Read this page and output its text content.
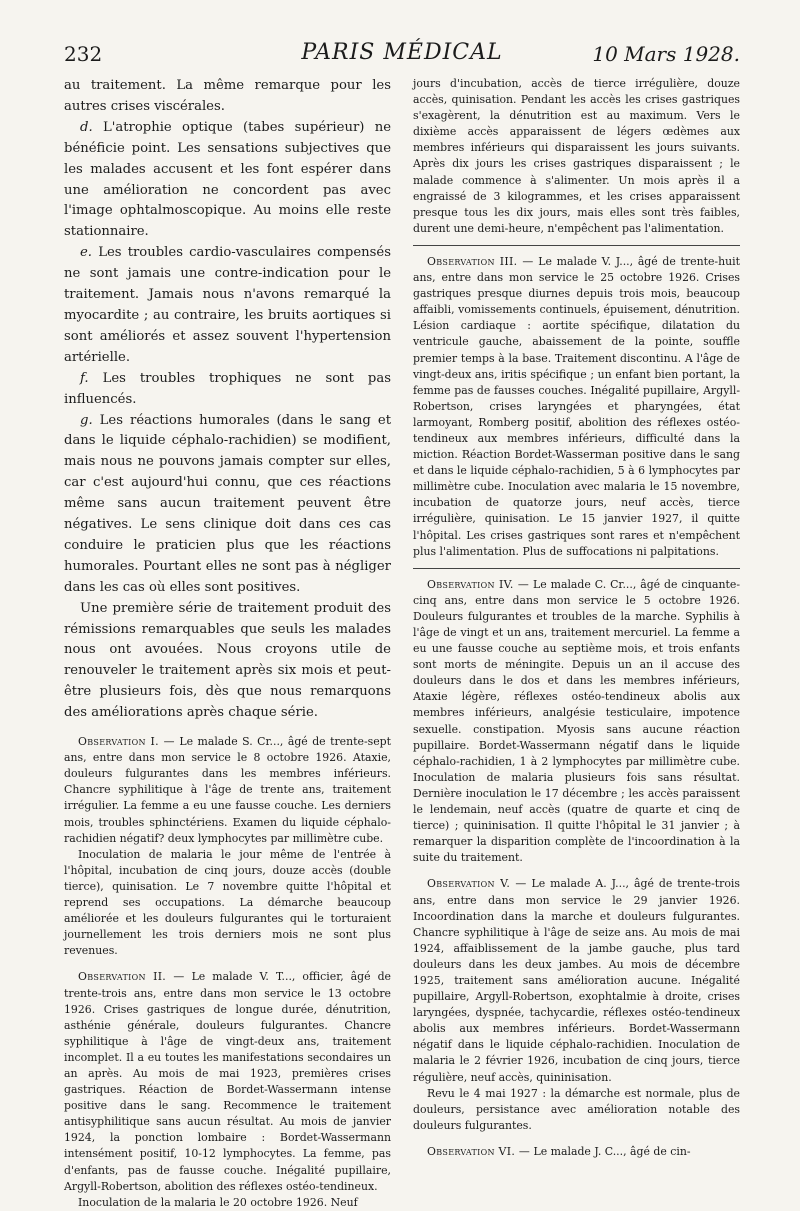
232	PARIS MÉDICAL	10 Mars 1928.

au traitement. La même remarque pour les autres crises viscérales.

d. L'atrophie optique (tabes supérieur) ne bénéficie point. Les sensations subjectives que les malades accusent et les font espérer dans une amélioration ne concordent pas avec l'image ophtalmoscopique. Au moins elle reste stationnaire.

e. Les troubles cardio-vasculaires compensés ne sont jamais une contre-indication pour le traitement. Jamais nous n'avons remarqué la myocardite ; au contraire, les bruits aortiques si sont améliorés et assez souvent l'hypertension artérielle.

f. Les troubles trophiques ne sont pas influencés.

g. Les réactions humorales (dans le sang et dans le liquide céphalo-rachidien) se modifient, mais nous ne pouvons jamais compter sur elles, car c'est aujourd'hui connu, que ces réactions même sans aucun traitement peuvent être négatives. Le sens clinique doit dans ces cas conduire le praticien plus que les réactions humorales. Pourtant elles ne sont pas à négliger dans les cas où elles sont positives.

Une première série de traitement produit des rémissions remarquables que seuls les malades nous ont avouées. Nous croyons utile de renouveler le traitement après six mois et peut-être plusieurs fois, dès que nous remarquons des améliorations après chaque série.

Observation I. — Le malade S. Cr..., âgé de trente-sept ans, entre dans mon service le 8 octobre 1926. Ataxie, douleurs fulgurantes dans les membres inférieurs. Chancre syphilitique à l'âge de trente ans, traitement irrégulier. La femme a eu une fausse couche. Les derniers mois, troubles sphinctériens. Examen du liquide céphalo-rachidien négatif? deux lymphocytes par millimètre cube.

Inoculation de malaria le jour même de l'entrée à l'hôpital, incubation de cinq jours, douze accès (double tierce), quinisation. Le 7 novembre quitte l'hôpital et reprend ses occupations. La démarche beaucoup améliorée et les douleurs fulgurantes qui le torturaient journellement les trois derniers mois ne sont plus revenues.

Observation II. — Le malade V. T..., officier, âgé de trente-trois ans, entre dans mon service le 13 octobre 1926. Crises gastriques de longue durée, dénutrition, asthénie générale, douleurs fulgurantes. Chancre syphilitique à l'âge de vingt-deux ans, traitement incomplet. Il a eu toutes les manifestations secondaires un an après. Au mois de mai 1923, premières crises gastriques. Réaction de Bordet-Wassermann intense positive dans le sang. Recommence le traitement antisyphilitique sans aucun résultat. Au mois de janvier 1924, la ponction lombaire : Bordet-Wassermann intensément positif, 10-12 lymphocytes. La femme, pas d'enfants, pas de fausse couche. Inégalité pupillaire, Argyll-Robertson, abolition des réflexes ostéo-tendineux.

Inoculation de la malaria le 20 octobre 1926. Neuf

jours d'incubation, accès de tierce irrégulière, douze accès, quinisation. Pendant les accès les crises gastriques s'exagèrent, la dénutrition est au maximum. Vers le dixième accès apparaissent de légers œdèmes aux membres inférieurs qui disparaissent les jours suivants. Après dix jours les crises gastriques disparaissent ; le malade commence à s'alimenter. Un mois après il a engraissé de 3 kilogrammes, et les crises apparaissent presque tous les dix jours, mais elles sont très faibles, durent une demi-heure, n'empêchent pas l'alimentation.

Observation III. — Le malade V. J..., âgé de trente-huit ans, entre dans mon service le 25 octobre 1926. Crises gastriques presque diurnes depuis trois mois, beaucoup affaibli, vomissements continuels, épuisement, dénutrition. Lésion cardiaque : aortite spécifique, dilatation du ventricule gauche, abaissement de la pointe, souffle premier temps à la base. Traitement discontinu. A l'âge de vingt-deux ans, iritis spécifique ; un enfant bien portant, la femme pas de fausses couches. Inégalité pupillaire, Argyll-Robertson, crises laryngées et pharyngées, état larmoyant, Romberg positif, abolition des réflexes ostéo-tendineux aux membres inférieurs, difficulté dans la miction. Réaction Bordet-Wasserman positive dans le sang et dans le liquide céphalo-rachidien, 5 à 6 lymphocytes par millimètre cube. Inoculation avec malaria le 15 novembre, incubation de quatorze jours, neuf accès, tierce irrégulière, quinisation. Le 15 janvier 1927, il quitte l'hôpital. Les crises gastriques sont rares et n'empêchent plus l'alimentation. Plus de suffocations ni palpitations.

Observation IV. — Le malade C. Cr..., âgé de cinquante-cinq ans, entre dans mon service le 5 octobre 1926. Douleurs fulgurantes et troubles de la marche. Syphilis à l'âge de vingt et un ans, traitement mercuriel. La femme a eu une fausse couche au septième mois, et trois enfants sont morts de méningite. Depuis un an il accuse des douleurs dans le dos et dans les membres inférieurs, Ataxie légère, réflexes ostéo-tendineux abolis aux membres inférieurs, analgésie testiculaire, impotence sexuelle. constipation. Myosis sans aucune réaction pupillaire. Bordet-Wassermann négatif dans le liquide céphalo-rachidien, 1 à 2 lymphocytes par millimètre cube. Inoculation de malaria plusieurs fois sans résultat. Dernière inoculation le 17 décembre ; les accès paraissent le lendemain, neuf accès (quatre de quarte et cinq de tierce) ; quininisation. Il quitte l'hôpital le 31 janvier ; à remarquer la disparition complète de l'incoordination à la suite du traitement.

Observation V. — Le malade A. J..., âgé de trente-trois ans, entre dans mon service le 29 janvier 1926. Incoordination dans la marche et douleurs fulgurantes. Chancre syphilitique à l'âge de seize ans. Au mois de mai 1924, affaiblissement de la jambe gauche, plus tard douleurs dans les deux jambes. Au mois de décembre 1925, traitement sans amélioration aucune. Inégalité pupillaire, Argyll-Robertson, exophtalmie à droite, crises laryngées, dyspnée, tachycardie, réflexes ostéo-tendineux abolis aux membres inférieurs. Bordet-Wassermann négatif dans le liquide céphalo-rachidien. Inoculation de malaria le 2 février 1926, incubation de cinq jours, tierce régulière, neuf accès, quininisation.

Revu le 4 mai 1927 : la démarche est normale, plus de douleurs, persistance avec amélioration notable des douleurs fulgurantes.

Observation VI. — Le malade J. C..., âgé de cin-
